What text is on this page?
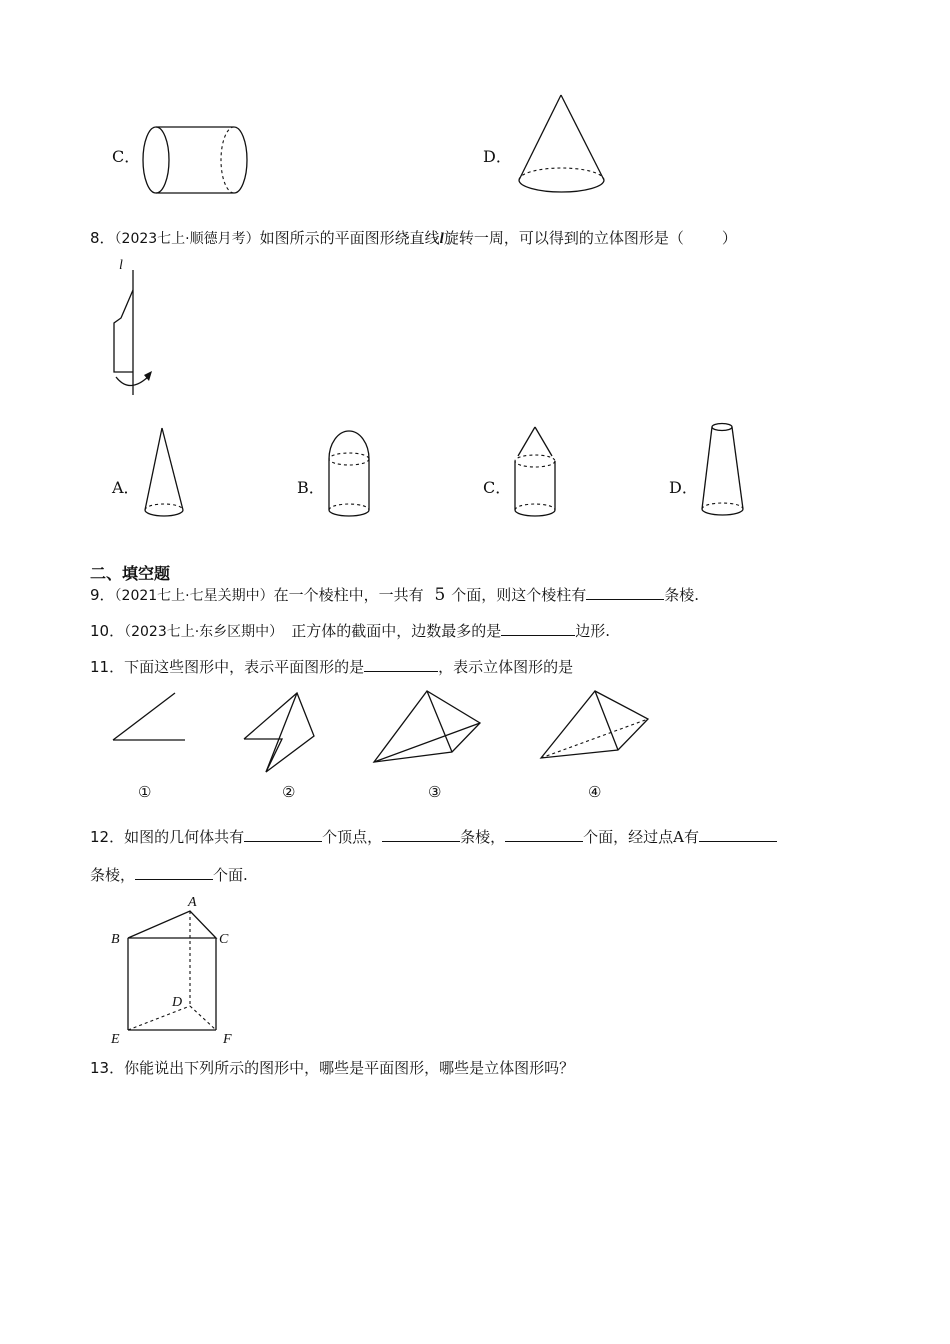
C．	D．
8．（2023七上·顺德月考）如图所示的平面图形绕直线l旋转一周，可以得到的立体图形是（	）
l
A．	B．	C．	D．
二、填空题
9．（2021七上·七星关期中）在一个棱柱中，一共有 5 个面，则这个棱柱有	条棱.
10．（2023七上·东乡区期中） 正方体的截面中，边数最多的是	边形.
11．下面这些图形中，表示平面图形的是	，表示立体图形的是
①	②	③	④
12．如图的几何体共有	个顶点，	条棱，	个面，经过点A有
条棱，	个面.
A
B	C
D
E	F
13．你能说出下列所示的图形中，哪些是平面图形，哪些是立体图形吗？
